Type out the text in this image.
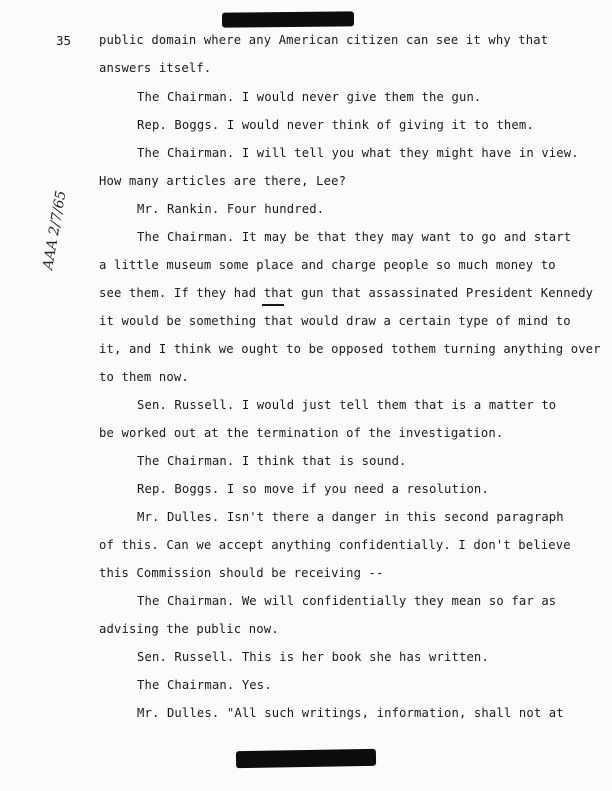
35
AAA 2/7/65
public domain where any American citizen can see it why that
answers itself.
The Chairman. I would never give them the gun.
Rep. Boggs. I would never think of giving it to them.
The Chairman. I will tell you what they might have in view.
How many articles are there, Lee?
Mr. Rankin. Four hundred.
The Chairman. It may be that they may want to go and start
a little museum some place and charge people so much money to
see them. If they had that gun that assassinated President Kennedy
it would be something that would draw a certain type of mind to
it, and I think we ought to be opposed tothem turning anything over
to them now.
Sen. Russell. I would just tell them that is a matter to
be worked out at the termination of the investigation.
The Chairman. I think that is sound.
Rep. Boggs. I so move if you need a resolution.
Mr. Dulles. Isn't there a danger in this second paragraph
of this. Can we accept anything confidentially. I don't believe
this Commission should be receiving --
The Chairman. We will confidentially they mean so far as
advising the public now.
Sen. Russell. This is her book she has written.
The Chairman. Yes.
Mr. Dulles. "All such writings, information, shall not at
